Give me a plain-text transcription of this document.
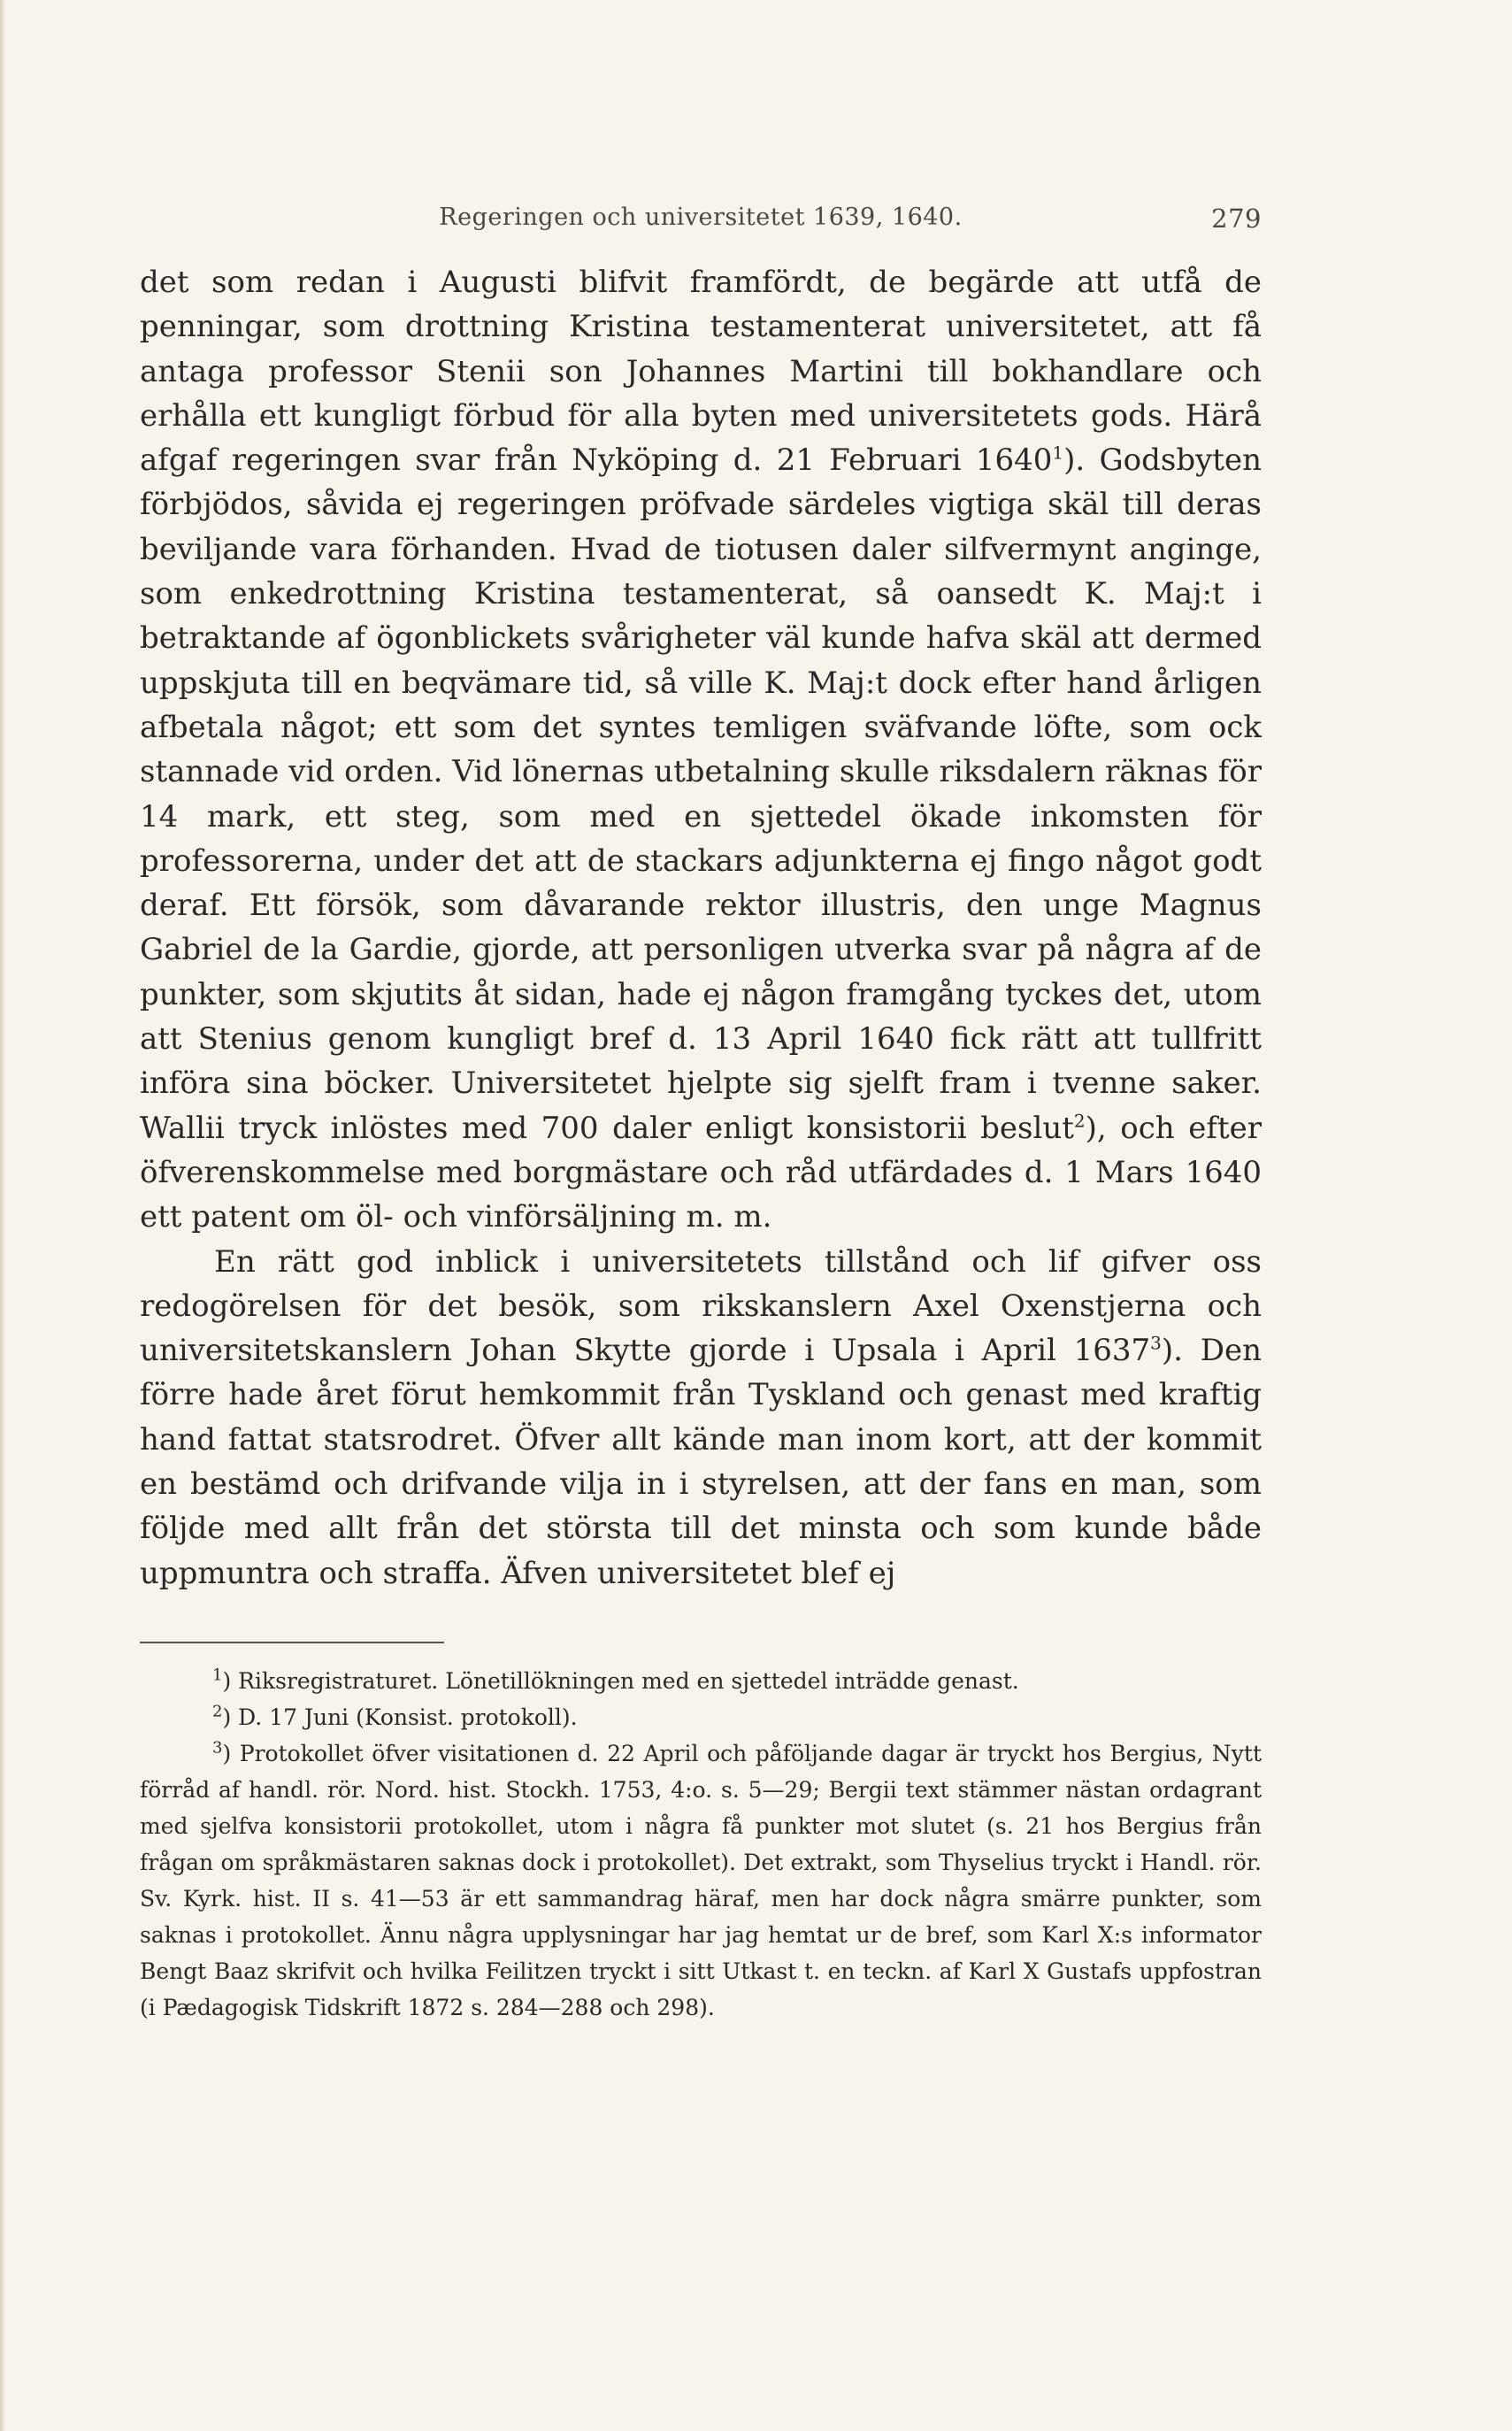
Regeringen och universitetet 1639, 1640.	279

det som redan i Augusti blifvit framfördt, de begärde att utfå de penningar, som drottning Kristina testamenterat universitetet, att få antaga professor Stenii son Johannes Martini till bokhandlare och erhålla ett kungligt förbud för alla byten med universitetets gods. Härå afgaf regeringen svar från Nyköping d. 21 Februari 1640$^1$). Godsbyten förbjödos, såvida ej regeringen pröfvade särdeles vigtiga skäl till deras beviljande vara förhanden. Hvad de tiotusen daler silfvermynt anginge, som enkedrottning Kristina testamenterat, så oansedt K. Maj:t i betraktande af ögonblickets svårigheter väl kunde hafva skäl att dermed uppskjuta till en beqvämare tid, så ville K. Maj:t dock efter hand årligen afbetala något; ett som det syntes temligen sväfvande löfte, som ock stannade vid orden. Vid lönernas utbetalning skulle riksdalern räknas för 14 mark, ett steg, som med en sjettedel ökade inkomsten för professorerna, under det att de stackars adjunkterna ej fingo något godt deraf. Ett försök, som dåvarande rektor illustris, den unge Magnus Gabriel de la Gardie, gjorde, att personligen utverka svar på några af de punkter, som skjutits åt sidan, hade ej någon framgång tyckes det, utom att Stenius genom kungligt bref d. 13 April 1640 fick rätt att tullfritt införa sina böcker. Universitetet hjelpte sig sjelft fram i tvenne saker. Wallii tryck inlöstes med 700 daler enligt konsistorii beslut$^2$), och efter öfverenskommelse med borgmästare och råd utfärdades d. 1 Mars 1640 ett patent om öl- och vinförsäljning m. m.

En rätt god inblick i universitetets tillstånd och lif gifver oss redogörelsen för det besök, som rikskanslern Axel Oxenstjerna och universitetskanslern Johan Skytte gjorde i Upsala i April 1637$^3$). Den förre hade året förut hemkommit från Tyskland och genast med kraftig hand fattat statsrodret. Öfver allt kände man inom kort, att der kommit en bestämd och drifvande vilja in i styrelsen, att der fans en man, som följde med allt från det största till det minsta och som kunde både uppmuntra och straffa. Äfven universitetet blef ej

$^1$) Riksregistraturet. Lönetillökningen med en sjettedel inträdde genast.

$^2$) D. 17 Juni (Konsist. protokoll).

$^3$) Protokollet öfver visitationen d. 22 April och påföljande dagar är tryckt hos Bergius, Nytt förråd af handl. rör. Nord. hist. Stockh. 1753, 4:o. s. 5—29; Bergii text stämmer nästan ordagrant med sjelfva konsistorii protokollet, utom i några få punkter mot slutet (s. 21 hos Bergius från frågan om språkmästaren saknas dock i protokollet). Det extrakt, som Thyselius tryckt i Handl. rör. Sv. Kyrk. hist. II s. 41—53 är ett sammandrag häraf, men har dock några smärre punkter, som saknas i protokollet. Ännu några upplysningar har jag hemtat ur de bref, som Karl X:s informator Bengt Baaz skrifvit och hvilka Feilitzen tryckt i sitt Utkast t. en teckn. af Karl X Gustafs uppfostran (i Pædagogisk Tidskrift 1872 s. 284—288 och 298).
